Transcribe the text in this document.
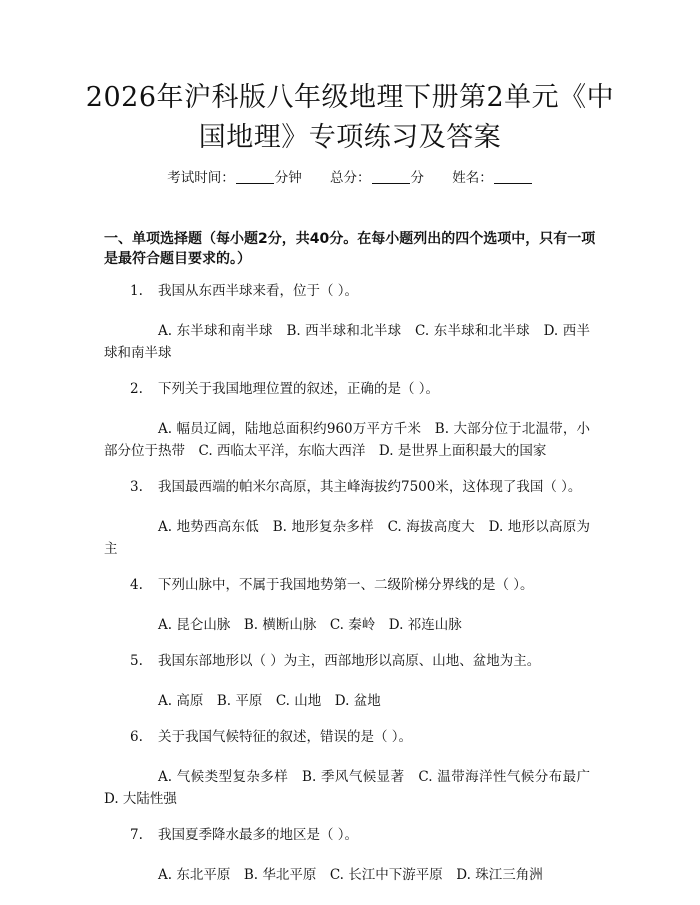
2026年沪科版八年级地理下册第2单元《中
国地理》专项练习及答案
考试时间：	分钟 总分：	分 姓名：
一、单项选择题（每小题2分，共40分。在每小题列出的四个选项中，只有一项是最符合题目要求的。）

1.	我国从东西半球来看，位于（ ）。

A. 东半球和南半球　B. 西半球和北半球　C. 东半球和北半球　D. 西半球和南半球

2.	下列关于我国地理位置的叙述，正确的是（ ）。

A. 幅员辽阔，陆地总面积约960万平方千米　B. 大部分位于北温带，小部分位于热带　C. 西临太平洋，东临大西洋　D. 是世界上面积最大的国家

3.	我国最西端的帕米尔高原，其主峰海拔约7500米，这体现了我国（ ）。

A. 地势西高东低　B. 地形复杂多样　C. 海拔高度大　D. 地形以高原为主

4.	下列山脉中，不属于我国地势第一、二级阶梯分界线的是（ ）。

A. 昆仑山脉　B. 横断山脉　C. 秦岭　D. 祁连山脉

5.	我国东部地形以（ ）为主，西部地形以高原、山地、盆地为主。

A. 高原　B. 平原　C. 山地　D. 盆地

6.	关于我国气候特征的叙述，错误的是（ ）。

A. 气候类型复杂多样　B. 季风气候显著　C. 温带海洋性气候分布最广　D. 大陆性强

7.	我国夏季降水最多的地区是（ ）。

A. 东北平原　B. 华北平原　C. 长江中下游平原　D. 珠江三角洲
